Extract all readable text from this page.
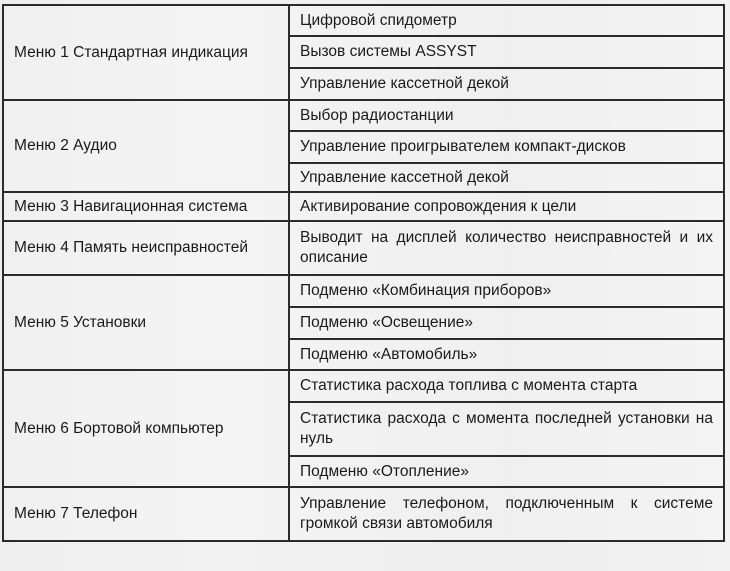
Меню 1 Стандартная индикация	Цифровой спидометр
	Вызов системы ASSYST
	Управление кассетной декой
Меню 2 Аудио	Выбор радиостанции
	Управление проигрывателем компакт-дисков
	Управление кассетной декой
Меню 3 Навигационная система	Активирование сопровождения к цели
Меню 4 Память неисправностей	Выводит на дисплей количество неисправностей и их описание
Меню 5 Установки	Подменю «Комбинация приборов»
	Подменю «Освещение»
	Подменю «Автомобиль»
Меню 6 Бортовой компьютер	Статистика расхода топлива с момента старта
	Статистика расхода с момента последней установки на нуль
	Подменю «Отопление»
Меню 7 Телефон	Управление телефоном, подключенным к системе громкой связи автомобиля
